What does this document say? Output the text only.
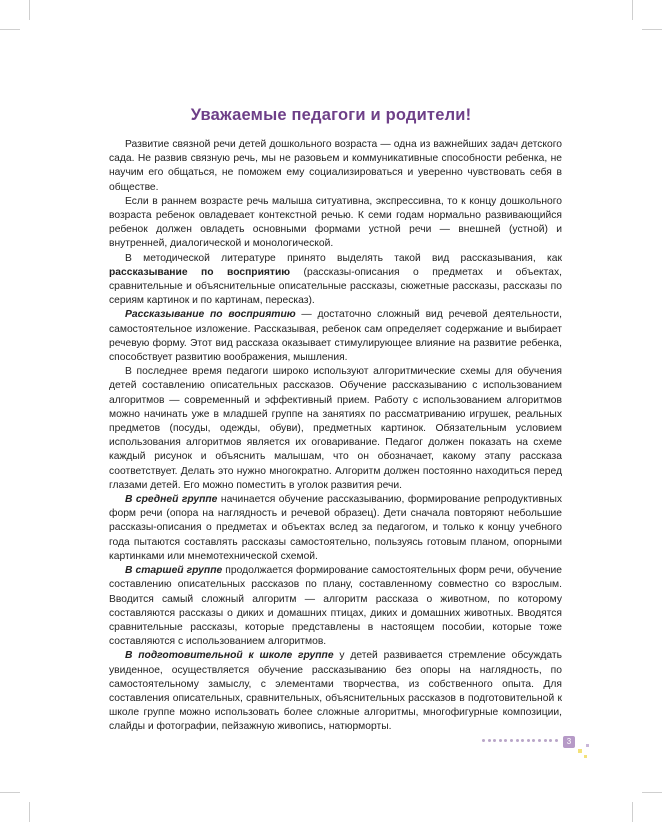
Уважаемые педагоги и родители!

Развитие связной речи детей дошкольного возраста — одна из важнейших задач детского сада. Не развив связную речь, мы не разовьем и коммуникативные способности ребенка, не научим его общаться, не поможем ему социализироваться и уверенно чувствовать себя в обществе.

Если в раннем возрасте речь малыша ситуативна, экспрессивна, то к концу дошкольного возраста ребенок овладевает контекстной речью. К семи годам нормально развивающийся ребенок должен овладеть основными формами устной речи — внешней (устной) и внутренней, диалогической и монологической.

В методической литературе принято выделять такой вид рассказывания, как рассказывание по восприятию (рассказы-описания о предметах и объектах, сравнительные и объяснительные описательные рассказы, сюжетные рассказы, рассказы по сериям картинок и по картинам, пересказ).

Рассказывание по восприятию — достаточно сложный вид речевой деятельности, самостоятельное изложение. Рассказывая, ребенок сам определяет содержание и выбирает речевую форму. Этот вид рассказа оказывает стимулирующее влияние на развитие ребенка, способствует развитию воображения, мышления.

В последнее время педагоги широко используют алгоритмические схемы для обучения детей составлению описательных рассказов. Обучение рассказыванию с использованием алгоритмов — современный и эффективный прием. Работу с использованием алгоритмов можно начинать уже в младшей группе на занятиях по рассматриванию игрушек, реальных предметов (посуды, одежды, обуви), предметных картинок. Обязательным условием использования алгоритмов является их оговаривание. Педагог должен показать на схеме каждый рисунок и объяснить малышам, что он обозначает, какому этапу рассказа соответствует. Делать это нужно многократно. Алгоритм должен постоянно находиться перед глазами детей. Его можно поместить в уголок развития речи.

В средней группе начинается обучение рассказыванию, формирование репродуктивных форм речи (опора на наглядность и речевой образец). Дети сначала повторяют небольшие рассказы-описания о предметах и объектах вслед за педагогом, и только к концу учебного года пытаются составлять рассказы самостоятельно, пользуясь готовым планом, опорными картинками или мнемотехнической схемой.

В старшей группе продолжается формирование самостоятельных форм речи, обучение составлению описательных рассказов по плану, составленному совместно со взрослым. Вводится самый сложный алгоритм — алгоритм рассказа о животном, по которому составляются рассказы о диких и домашних птицах, диких и домашних животных. Вводятся сравнительные рассказы, которые представлены в настоящем пособии, которые тоже составляются с использованием алгоритмов.

В подготовительной к школе группе у детей развивается стремление обсуждать увиденное, осуществляется обучение рассказыванию без опоры на наглядность, по самостоятельному замыслу, с элементами творчества, из собственного опыта. Для составления описательных, сравнительных, объяснительных рассказов в подготовительной к школе группе можно использовать более сложные алгоритмы, многофигурные композиции, слайды и фотографии, пейзажную живопись, натюрморты.

3
